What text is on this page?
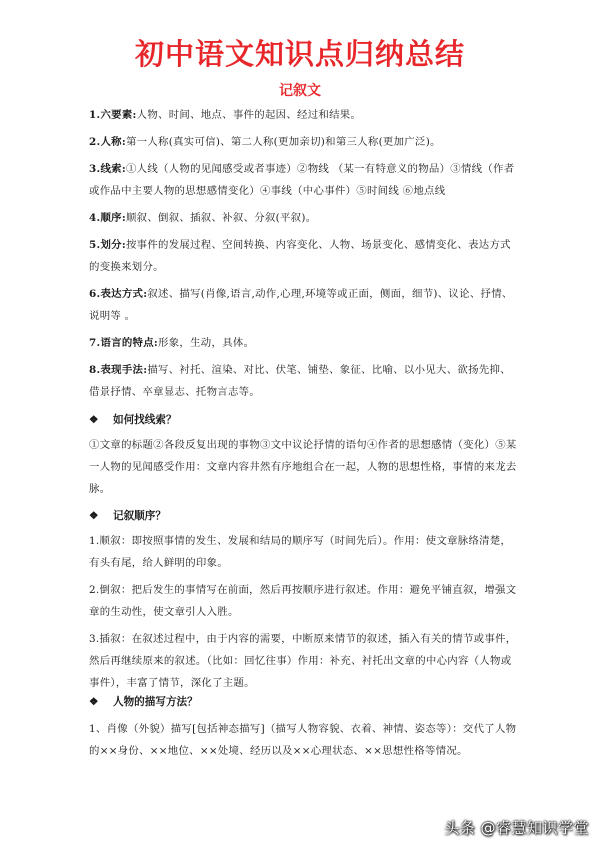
初中语文知识点归纳总结
记叙文
1.六要素:人物、时间、地点、事件的起因、经过和结果。
2.人称:第一人称(真实可信)、第二人称(更加亲切)和第三人称(更加广泛)。
3.线索:①人线（人物的见闻感受或者事迹）②物线 （某一有特意义的物品）③情线（作者或作品中主要人物的思想感情变化）④事线（中心事件）⑤时间线 ⑥地点线
4.顺序:顺叙、倒叙、插叙、补叙、分叙(平叙)。
5.划分:按事件的发展过程、空间转换、内容变化、人物、场景变化、感情变化、表达方式的变换来划分。
6.表达方式:叙述、描写(肖像,语言,动作,心理,环境等或正面，侧面，细节)、议论、抒情、说明等 。
7.语言的特点:形象，生动，具体。
8.表现手法:描写、衬托、渲染、对比、伏笔、铺垫、象征、比喻、以小见大、欲扬先抑、借景抒情、卒章显志、托物言志等。
❖ 如何找线索？
①文章的标题②各段反复出现的事物③文中议论抒情的语句④作者的思想感情（变化）⑤某一人物的见闻感受作用：文章内容井然有序地组合在一起，人物的思想性格，事情的来龙去脉。
❖ 记叙顺序？
1.顺叙：即按照事情的发生、发展和结局的顺序写（时间先后）。作用：使文章脉络清楚，有头有尾，给人鲜明的印象。
2.倒叙：把后发生的事情写在前面，然后再按顺序进行叙述。作用：避免平铺直叙，增强文章的生动性，使文章引人入胜。
3.插叙：在叙述过程中，由于内容的需要，中断原来情节的叙述，插入有关的情节或事件，然后再继续原来的叙述。（比如：回忆往事）作用：补充、衬托出文章的中心内容（人物或事件），丰富了情节，深化了主题。
❖ 人物的描写方法？
1、肖像（外貌）描写[包括神态描写]（描写人物容貌、衣着、神情、姿态等）：交代了人物的××身份、××地位、××处境、经历以及××心理状态、××思想性格等情况。
头条 @睿慧知识学堂
